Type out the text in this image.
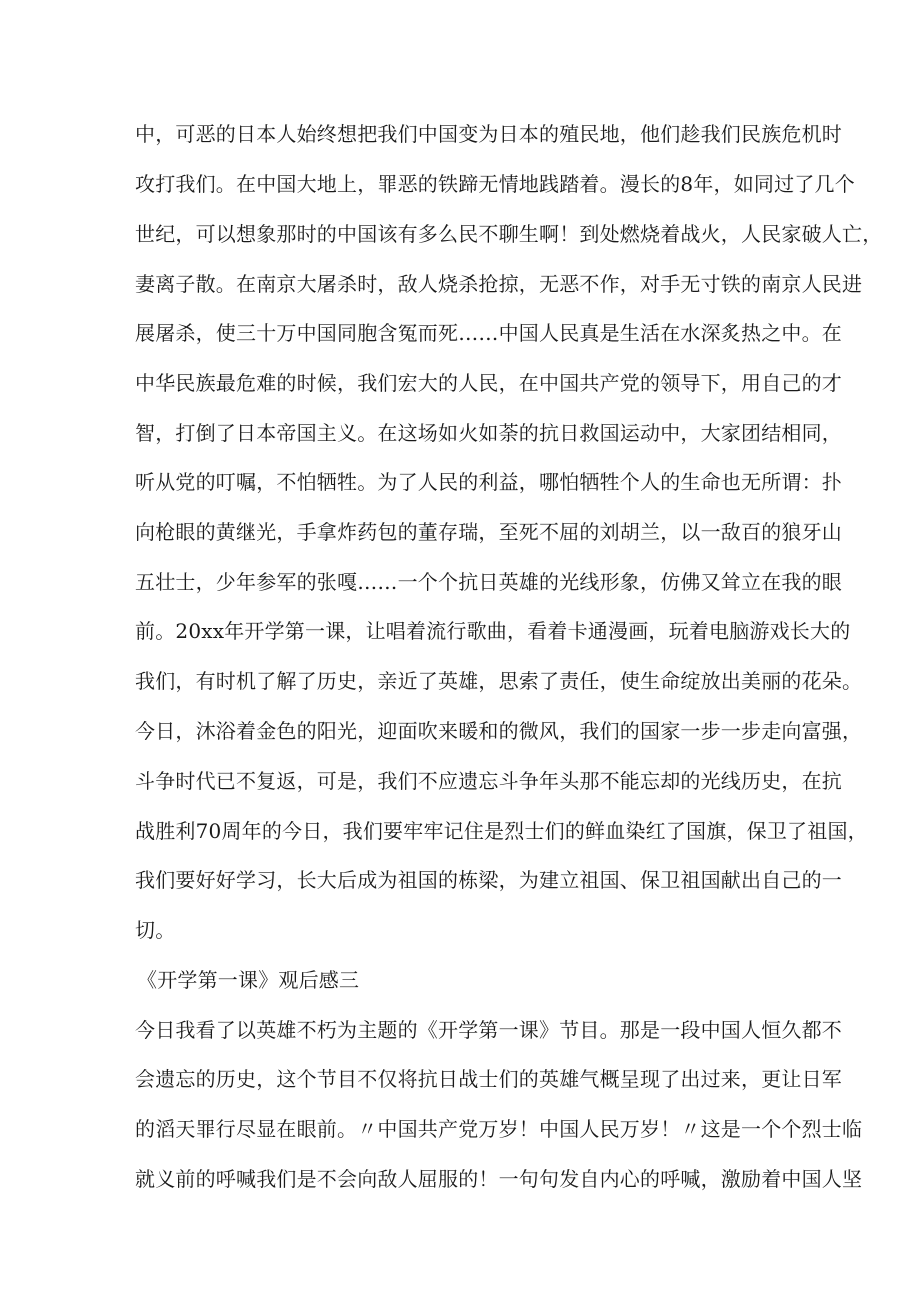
中，可恶的日本人始终想把我们中国变为日本的殖民地，他们趁我们民族危机时
攻打我们。在中国大地上，罪恶的铁蹄无情地践踏着。漫长的8年，如同过了几个
世纪，可以想象那时的中国该有多么民不聊生啊！到处燃烧着战火，人民家破人亡，
妻离子散。在南京大屠杀时，敌人烧杀抢掠，无恶不作，对手无寸铁的南京人民进
展屠杀，使三十万中国同胞含冤而死……中国人民真是生活在水深炙热之中。在
中华民族最危难的时候，我们宏大的人民，在中国共产党的领导下，用自己的才
智，打倒了日本帝国主义。在这场如火如荼的抗日救国运动中，大家团结相同，
听从党的叮嘱，不怕牺牲。为了人民的利益，哪怕牺牲个人的生命也无所谓：扑
向枪眼的黄继光，手拿炸药包的董存瑞，至死不屈的刘胡兰，以一敌百的狼牙山
五壮士，少年参军的张嘎……一个个抗日英雄的光线形象，仿佛又耸立在我的眼
前。20xx年开学第一课，让唱着流行歌曲，看着卡通漫画，玩着电脑游戏长大的
我们，有时机了解了历史，亲近了英雄，思索了责任，使生命绽放出美丽的花朵。
今日，沐浴着金色的阳光，迎面吹来暖和的微风，我们的国家一步一步走向富强，
斗争时代已不复返，可是，我们不应遗忘斗争年头那不能忘却的光线历史，在抗
战胜利70周年的今日，我们要牢牢记住是烈士们的鲜血染红了国旗，保卫了祖国，
我们要好好学习，长大后成为祖国的栋梁，为建立祖国、保卫祖国献出自己的一
切。
《开学第一课》观后感三
今日我看了以英雄不朽为主题的《开学第一课》节目。那是一段中国人恒久都不
会遗忘的历史，这个节目不仅将抗日战士们的英雄气概呈现了出过来，更让日军
的滔天罪行尽显在眼前。〃中国共产党万岁！中国人民万岁！〃这是一个个烈士临
就义前的呼喊我们是不会向敌人屈服的！一句句发自内心的呼喊，激励着中国人坚
